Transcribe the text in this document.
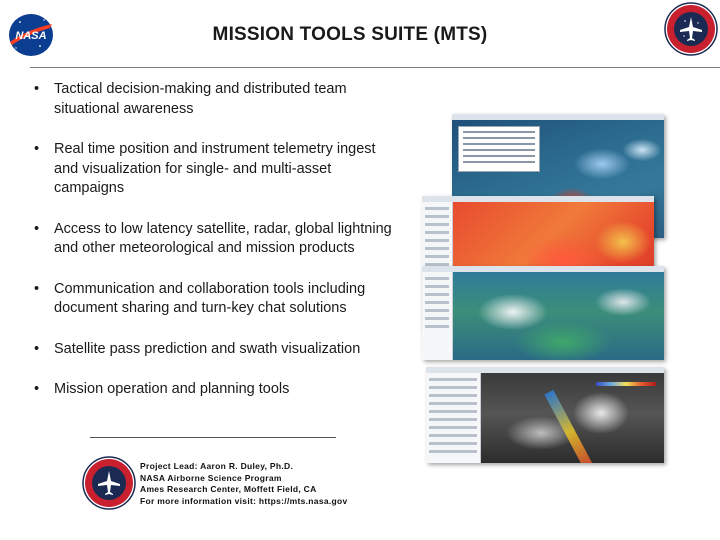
NASA	MISSION TOOLS SUITE (MTS)
• Tactical decision-making and distributed team situational awareness
• Real time position and instrument telemetry ingest and visualization for single- and multi-asset campaigns
• Access to low latency satellite, radar, global lightning and other meteorological and mission products
• Communication and collaboration tools including document sharing and turn-key chat solutions
• Satellite pass prediction and swath visualization
• Mission operation and planning tools
Project Lead: Aaron R. Duley, Ph.D.
NASA Airborne Science Program
Ames Research Center, Moffett Field, CA
For more information visit: https://mts.nasa.gov
